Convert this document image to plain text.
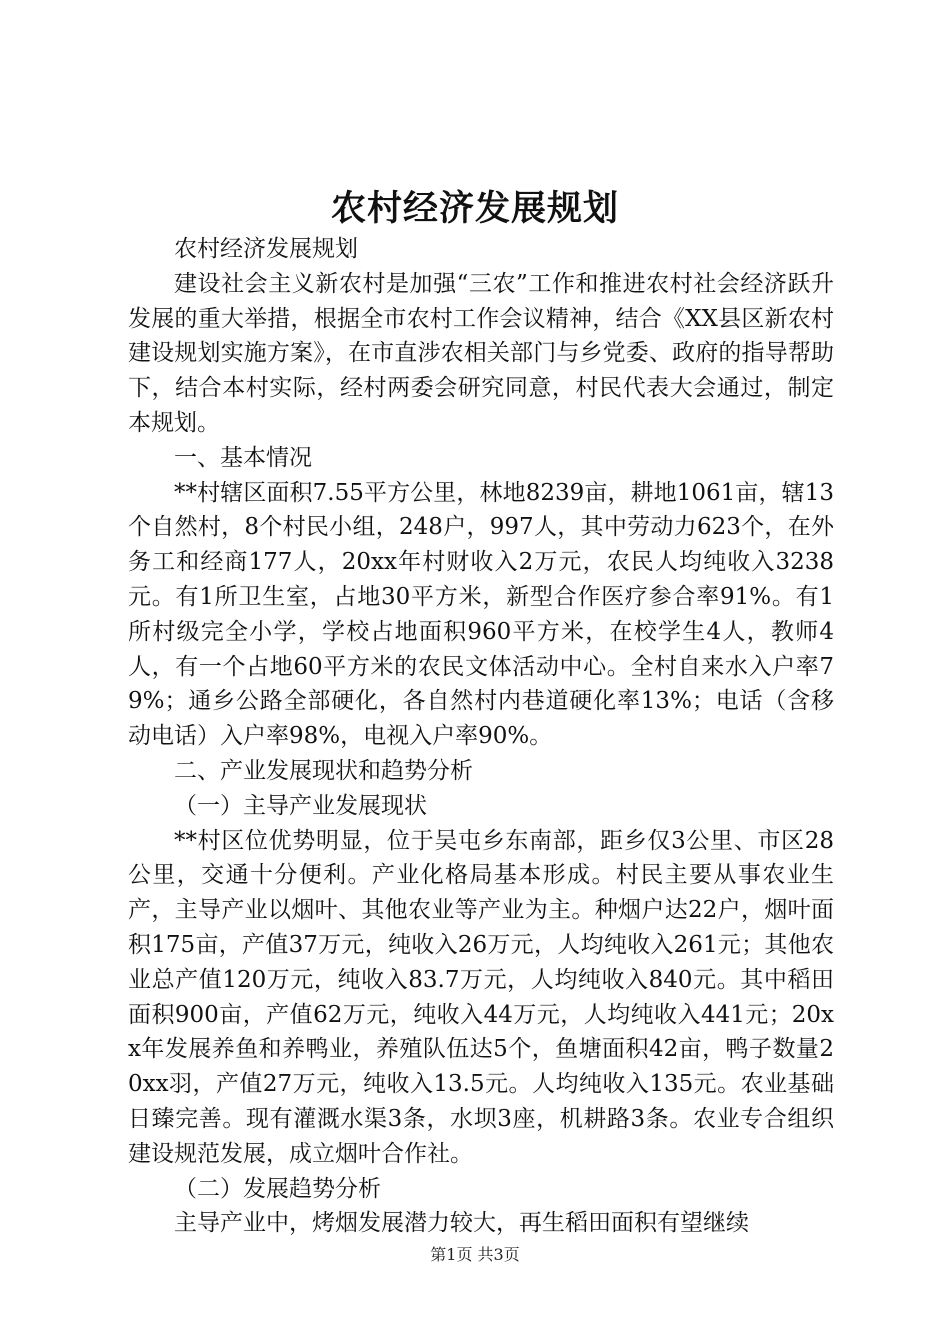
农村经济发展规划

农村经济发展规划

建设社会主义新农村是加强“三农”工作和推进农村社会经济跃升发展的重大举措，根据全市农村工作会议精神，结合《XX县区新农村建设规划实施方案》，在市直涉农相关部门与乡党委、政府的指导帮助下，结合本村实际，经村两委会研究同意，村民代表大会通过，制定本规划。

一、基本情况

**村辖区面积7.55平方公里，林地8239亩，耕地1061亩，辖13个自然村，8个村民小组，248户，997人，其中劳动力623个，在外务工和经商177人，20xx年村财收入2万元，农民人均纯收入3238元。有1所卫生室，占地30平方米，新型合作医疗参合率91%。有1所村级完全小学，学校占地面积960平方米，在校学生4人，教师4人，有一个占地60平方米的农民文体活动中心。全村自来水入户率79%；通乡公路全部硬化，各自然村内巷道硬化率13%；电话（含移动电话）入户率98%，电视入户率90%。

二、产业发展现状和趋势分析

（一）主导产业发展现状

**村区位优势明显，位于吴屯乡东南部，距乡仅3公里、市区28公里，交通十分便利。产业化格局基本形成。村民主要从事农业生产，主导产业以烟叶、其他农业等产业为主。种烟户达22户，烟叶面积175亩，产值37万元，纯收入26万元，人均纯收入261元；其他农业总产值120万元，纯收入83.7万元，人均纯收入840元。其中稻田面积900亩，产值62万元，纯收入44万元，人均纯收入441元；20xx年发展养鱼和养鸭业，养殖队伍达5个，鱼塘面积42亩，鸭子数量20xx羽，产值27万元，纯收入13.5元。人均纯收入135元。农业基础日臻完善。现有灌溉水渠3条，水坝3座，机耕路3条。农业专合组织建设规范发展，成立烟叶合作社。

（二）发展趋势分析

主导产业中，烤烟发展潜力较大，再生稻田面积有望继续

第1页 共3页
